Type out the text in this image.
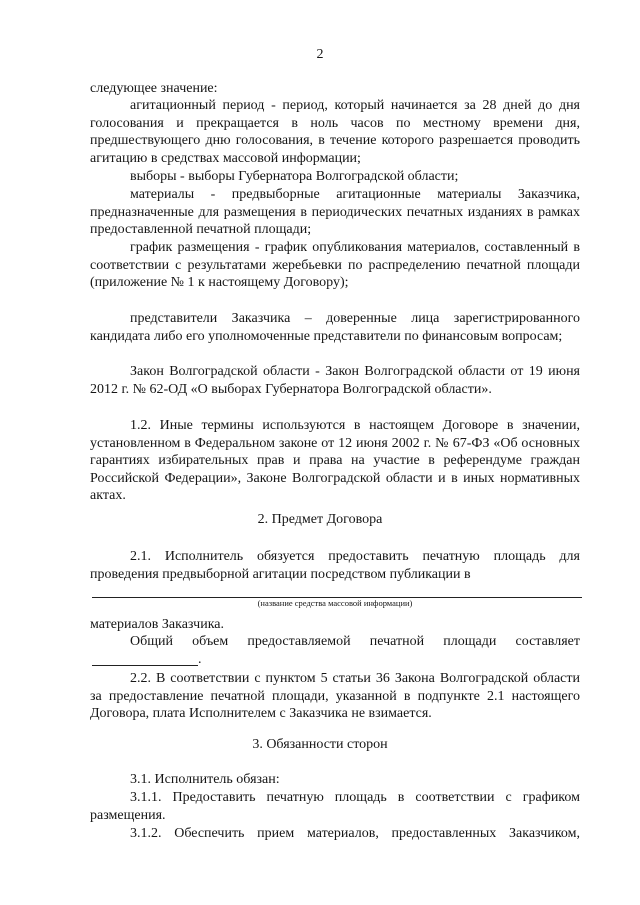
2
следующее значение:
агитационный период - период, который начинается за 28 дней до дня голосования и прекращается в ноль часов по местному времени дня, предшествующего дню голосования, в течение которого разрешается проводить агитацию в средствах массовой информации;
выборы - выборы Губернатора Волгоградской области;
материалы - предвыборные агитационные материалы Заказчика, предназначенные для размещения в периодических печатных изданиях в рамках предоставленной печатной площади;
график размещения - график опубликования материалов, составленный в соответствии с результатами жеребьевки по распределению печатной площади (приложение № 1 к настоящему Договору);
представители Заказчика – доверенные лица зарегистрированного кандидата либо его уполномоченные представители по финансовым вопросам;
Закон Волгоградской области - Закон Волгоградской области от 19 июня 2012 г. № 62-ОД «О выборах Губернатора Волгоградской области».
1.2. Иные термины используются в настоящем Договоре в значении, установленном в Федеральном законе от 12 июня 2002 г. № 67-ФЗ «Об основных гарантиях избирательных прав и права на участие в референдуме граждан Российской Федерации», Законе Волгоградской области и в иных нормативных актах.
2. Предмет Договора
2.1. Исполнитель обязуется предоставить печатную площадь для проведения предвыборной агитации посредством публикации в
(название средства массовой информации)
материалов Заказчика.
Общий объем предоставляемой печатной площади составляет
.
2.2. В соответствии с пунктом 5 статьи 36 Закона Волгоградской области за предоставление печатной площади, указанной в подпункте 2.1 настоящего Договора, плата Исполнителем с Заказчика не взимается.
3. Обязанности сторон
3.1. Исполнитель обязан:
3.1.1. Предоставить печатную площадь в соответствии с графиком размещения.
3.1.2. Обеспечить прием материалов, предоставленных Заказчиком,
